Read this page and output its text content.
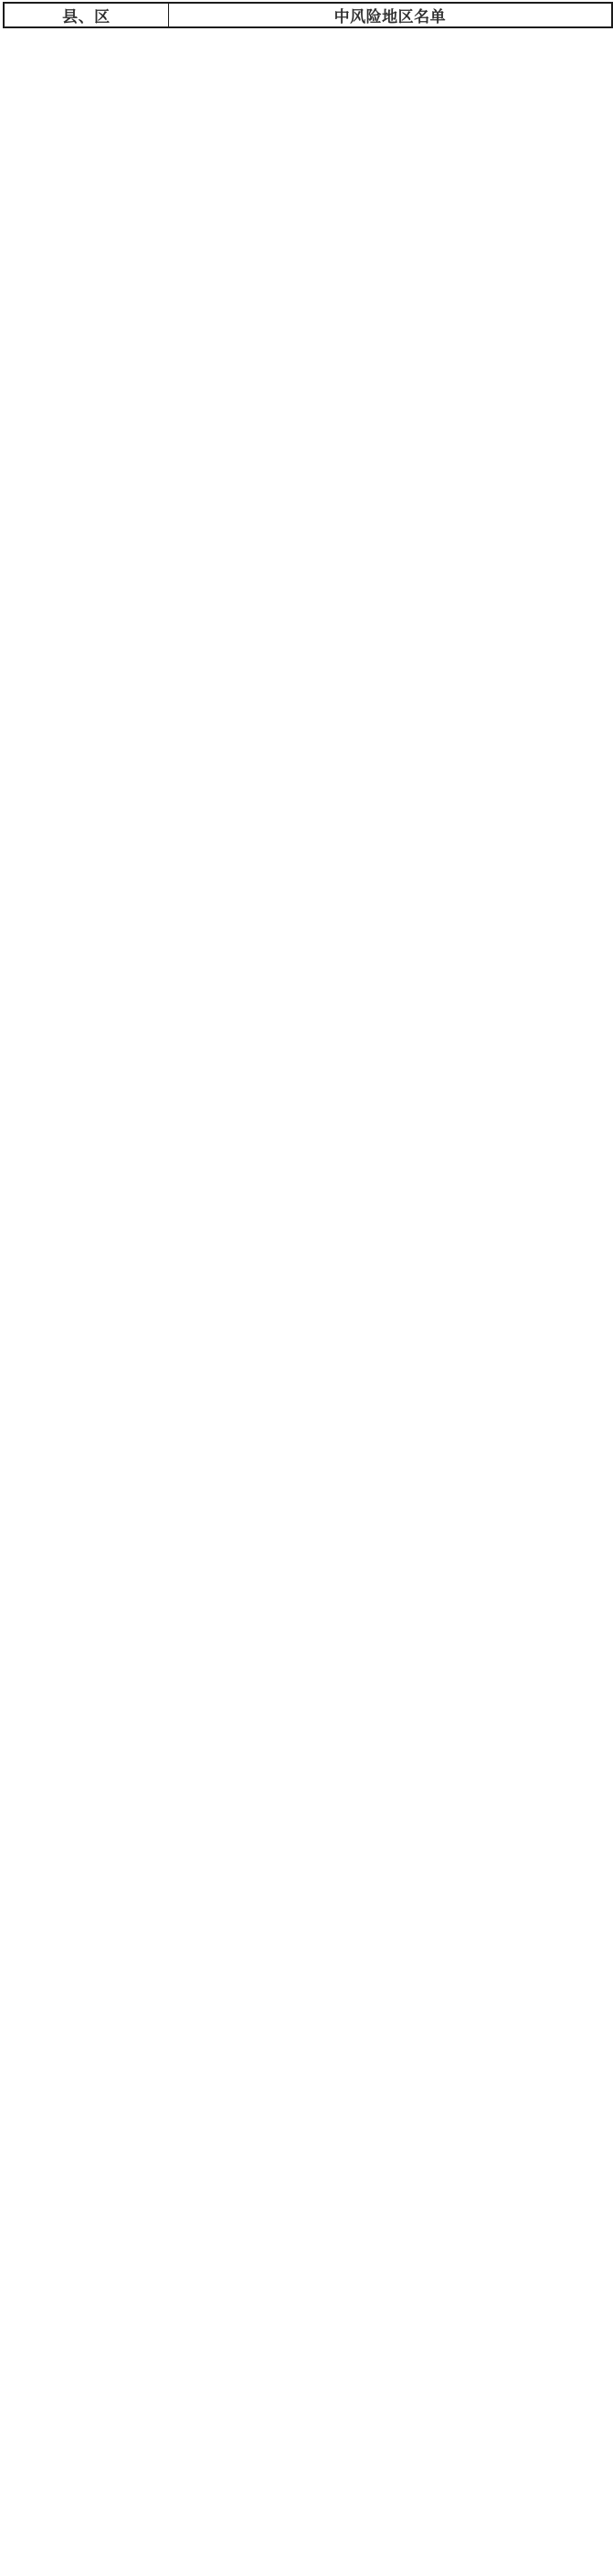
县、区	中风险地区名单
